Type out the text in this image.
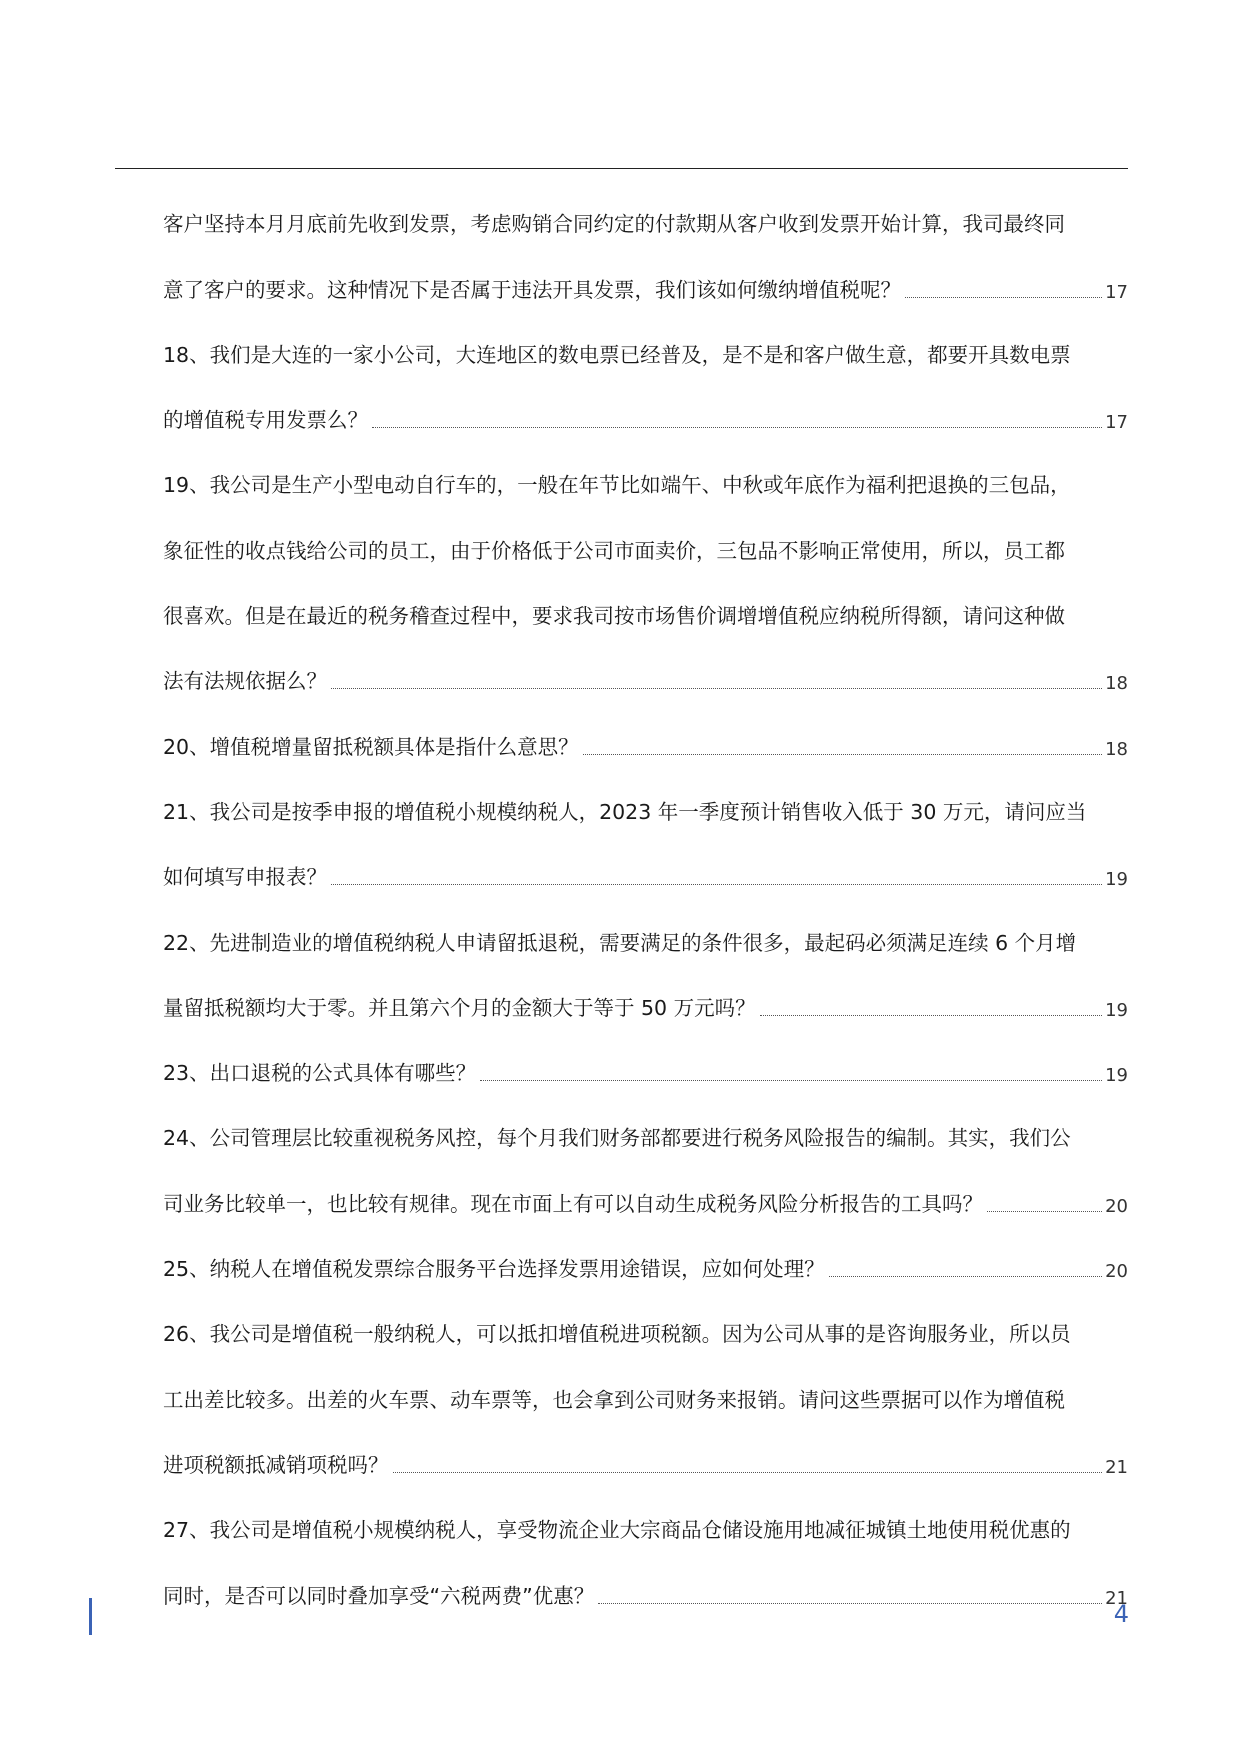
客户坚持本月月底前先收到发票，考虑购销合同约定的付款期从客户收到发票开始计算，我司最终同
意了客户的要求。这种情况下是否属于违法开具发票，我们该如何缴纳增值税呢？	17
18、我们是大连的一家小公司，大连地区的数电票已经普及，是不是和客户做生意，都要开具数电票
的增值税专用发票么？	17
19、我公司是生产小型电动自行车的，一般在年节比如端午、中秋或年底作为福利把退换的三包品，
象征性的收点钱给公司的员工，由于价格低于公司市面卖价，三包品不影响正常使用，所以，员工都
很喜欢。但是在最近的税务稽查过程中，要求我司按市场售价调增增值税应纳税所得额，请问这种做
法有法规依据么？	18
20、增值税增量留抵税额具体是指什么意思？	18
21、我公司是按季申报的增值税小规模纳税人，2023 年一季度预计销售收入低于 30 万元，请问应当
如何填写申报表？	19
22、先进制造业的增值税纳税人申请留抵退税，需要满足的条件很多，最起码必须满足连续 6 个月增
量留抵税额均大于零。并且第六个月的金额大于等于 50 万元吗？	19
23、出口退税的公式具体有哪些？	19
24、公司管理层比较重视税务风控，每个月我们财务部都要进行税务风险报告的编制。其实，我们公
司业务比较单一，也比较有规律。现在市面上有可以自动生成税务风险分析报告的工具吗？	20
25、纳税人在增值税发票综合服务平台选择发票用途错误，应如何处理？	20
26、我公司是增值税一般纳税人，可以抵扣增值税进项税额。因为公司从事的是咨询服务业，所以员
工出差比较多。出差的火车票、动车票等，也会拿到公司财务来报销。请问这些票据可以作为增值税
进项税额抵减销项税吗？	21
27、我公司是增值税小规模纳税人，享受物流企业大宗商品仓储设施用地减征城镇土地使用税优惠的
同时，是否可以同时叠加享受“六税两费”优惠？	21
4
